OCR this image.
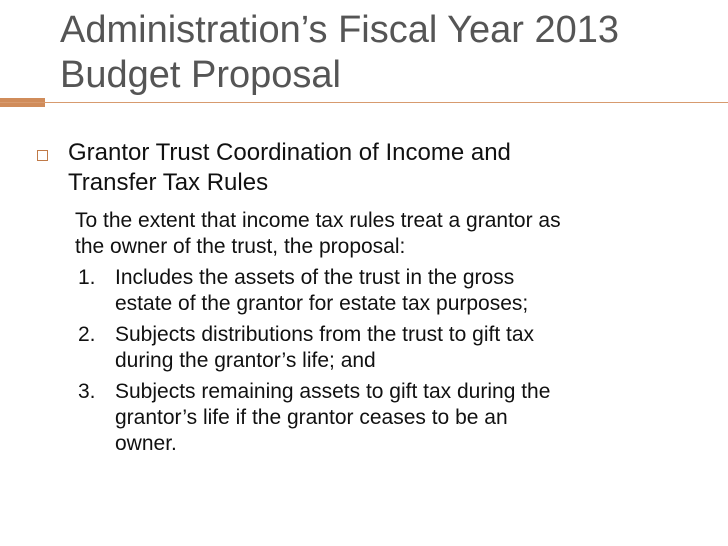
Administration’s Fiscal Year 2013
Budget Proposal

Grantor Trust Coordination of Income and
Transfer Tax Rules

To the extent that income tax rules treat a grantor as
the owner of the trust, the proposal:

1. Includes the assets of the trust in the gross
estate of the grantor for estate tax purposes;
2. Subjects distributions from the trust to gift tax
during the grantor’s life; and
3. Subjects remaining assets to gift tax during the
grantor’s life if the grantor ceases to be an
owner.
